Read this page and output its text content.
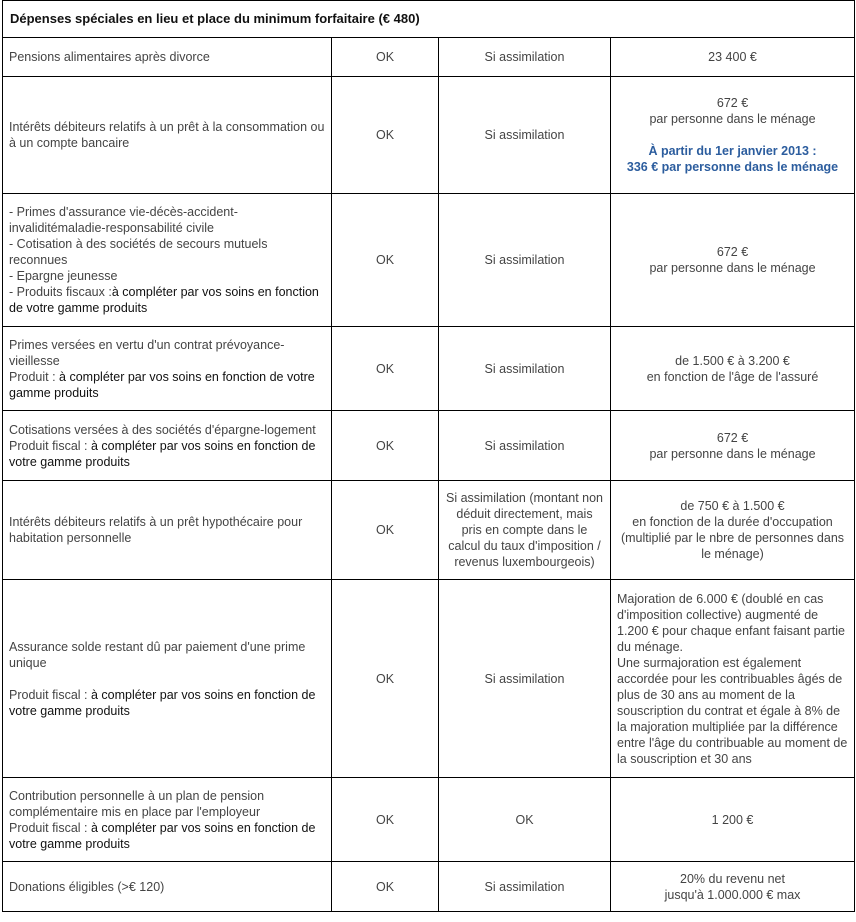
Dépenses spéciales en lieu et place du minimum forfaitaire (€ 480)			
Pensions alimentaires après divorce	OK	Si assimilation	23 400 €
Intérêts débiteurs relatifs à un prêt à la consommation ou à un compte bancaire	OK	Si assimilation	672 €
par personne dans le ménage
À partir du 1er janvier 2013 :
336 € par personne dans le ménage

- Primes d'assurance vie-décès-accident-invaliditémaladie-responsabilité civile
- Cotisation à des sociétés de secours mutuels reconnues
- Epargne jeunesse
- Produits fiscaux :à compléter par vos soins en fonction de votre gamme produits	OK	Si assimilation	672 €
par personne dans le ménage

Primes versées en vertu d'un contrat prévoyance-vieillesse
Produit : à compléter par vos soins en fonction de votre gamme produits	OK	Si assimilation	de 1.500 € à 3.200 €
en fonction de l'âge de l'assuré

Cotisations versées à des sociétés d'épargne-logement
Produit fiscal : à compléter par vos soins en fonction de votre gamme produits	OK	Si assimilation	672 €
par personne dans le ménage

Intérêts débiteurs relatifs à un prêt hypothécaire pour habitation personnelle	OK	Si assimilation (montant non déduit directement, mais pris en compte dans le calcul du taux d'imposition / revenus luxembourgeois)	de 750 € à 1.500 €
en fonction de la durée d'occupation
(multiplié par le nbre de personnes dans le ménage)

Assurance solde restant dû par paiement d'une prime unique
Produit fiscal : à compléter par vos soins en fonction de votre gamme produits	OK	Si assimilation	Majoration de 6.000 € (doublé en cas d'imposition collective) augmenté de 1.200 € pour chaque enfant faisant partie du ménage.
Une surmajoration est également accordée pour les contribuables âgés de plus de 30 ans au moment de la souscription du contrat et égale à 8% de la majoration multipliée par la différence entre l'âge du contribuable au moment de la souscription et 30 ans

Contribution personnelle à un plan de pension complémentaire mis en place par l'employeur
Produit fiscal : à compléter par vos soins en fonction de votre gamme produits	OK	OK	1 200 €
Donations éligibles (>€ 120)	OK	Si assimilation	20% du revenu net
jusqu'à 1.000.000 € max
